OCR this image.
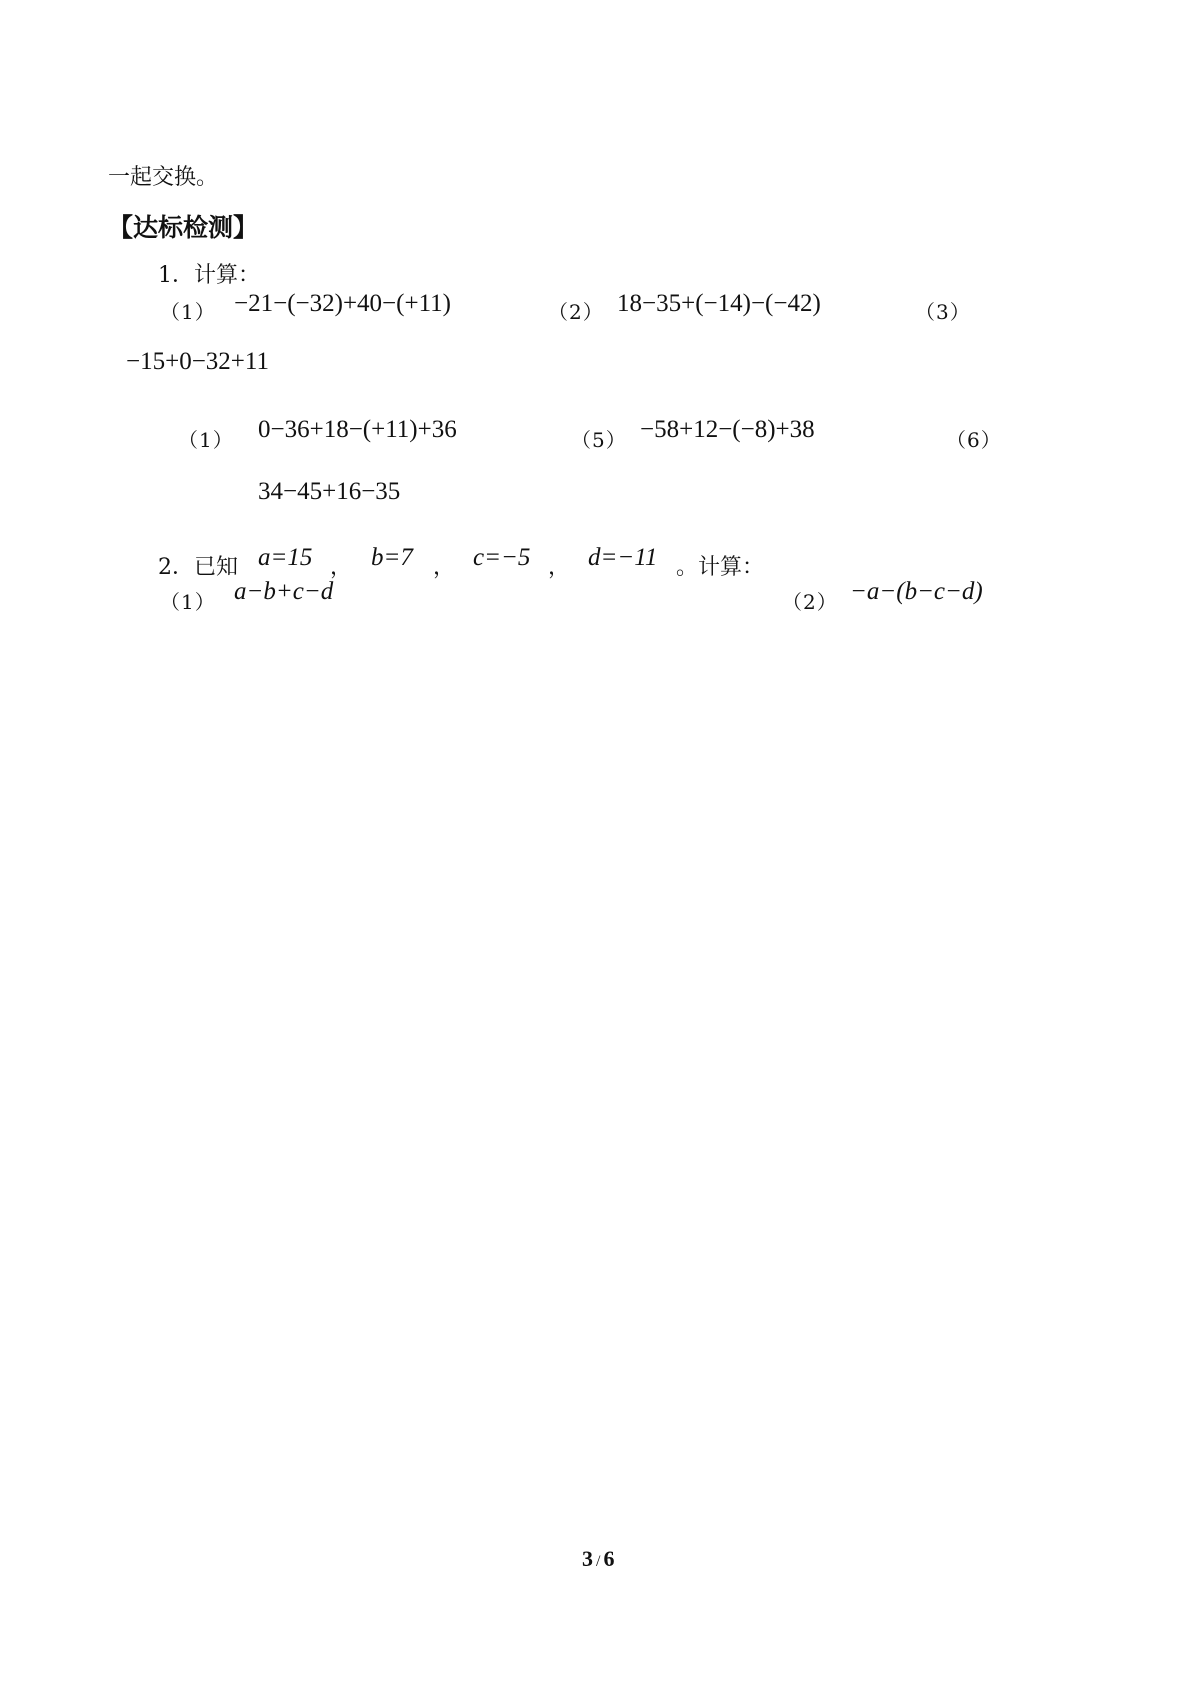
一起交换。
【达标检测】
1．计算：
（1） −21−(−32)+40−(+11)	（2） 18−35+(−14)−(−42)	（3）
−15+0−32+11
（1） 0−36+18−(+11)+36	（5） −58+12−(−8)+38	（6）
34−45+16−35
2．已知 a=15 ， b=7 ， c=−5 ， d=−11 。计算：
（1） a−b+c−d	（2） −a−(b−c−d)
3 / 6
